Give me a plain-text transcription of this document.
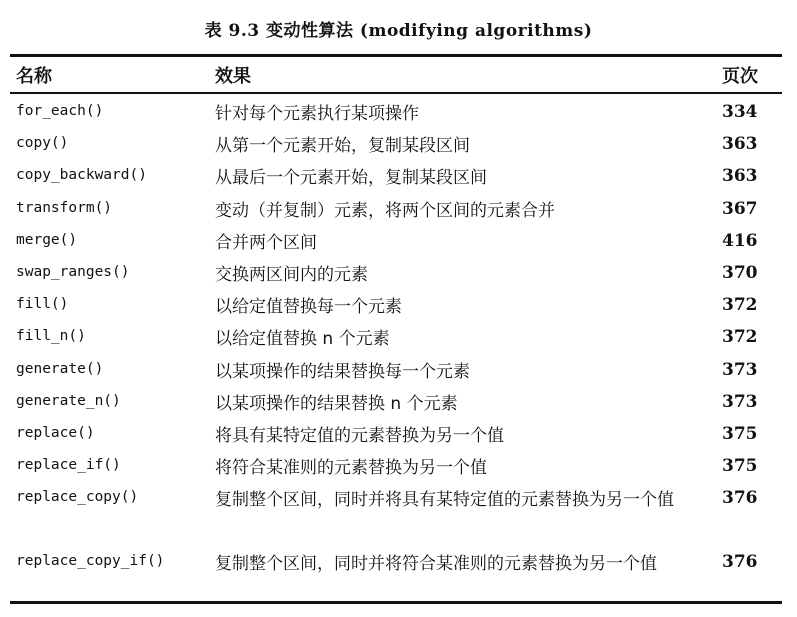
表 9.3 变动性算法 (modifying algorithms)
名称	效果	页次
for_each()	针对每个元素执行某项操作	334
copy()	从第一个元素开始，复制某段区间	363
copy_backward()	从最后一个元素开始，复制某段区间	363
transform()	变动（并复制）元素，将两个区间的元素合并	367
merge()	合并两个区间	416
swap_ranges()	交换两区间内的元素	370
fill()	以给定值替换每一个元素	372
fill_n()	以给定值替换 n 个元素	372
generate()	以某项操作的结果替换每一个元素	373
generate_n()	以某项操作的结果替换 n 个元素	373
replace()	将具有某特定值的元素替换为另一个值	375
replace_if()	将符合某准则的元素替换为另一个值	375
replace_copy()	复制整个区间，同时并将具有某特定值的元素替换为另一个值	376
replace_copy_if()	复制整个区间，同时并将符合某准则的元素替换为另一个值	376
